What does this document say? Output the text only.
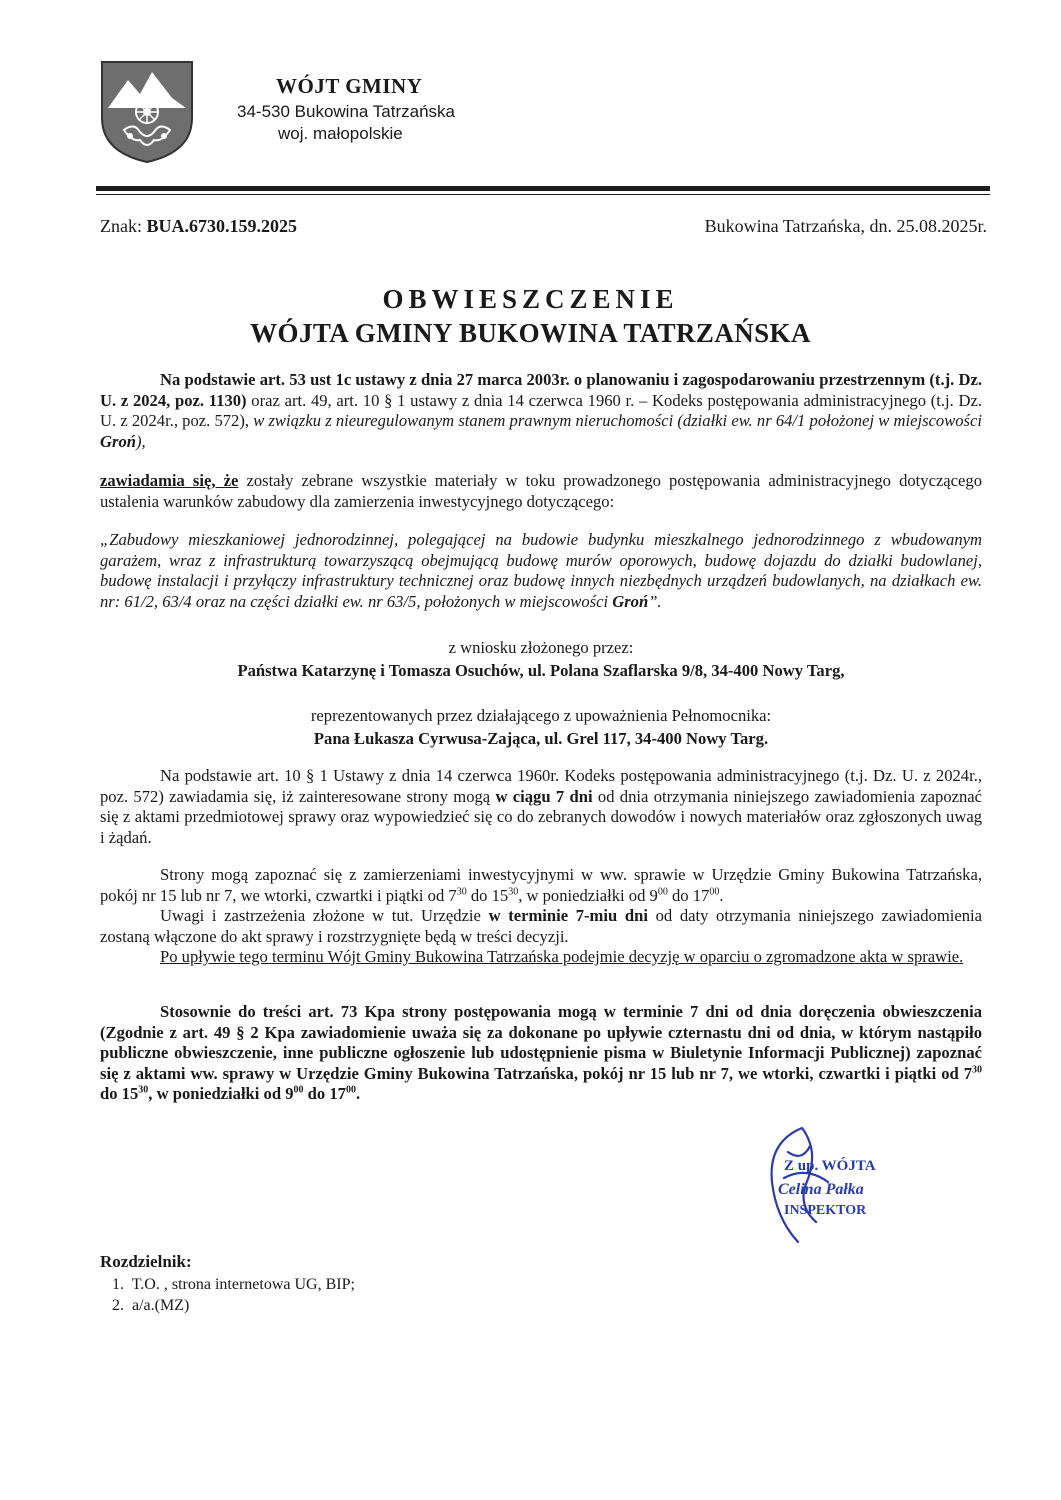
WÓJT GMINY
34-530 Bukowina Tatrzańska
woj. małopolskie
Znak: BUA.6730.159.2025	Bukowina Tatrzańska, dn. 25.08.2025r.
OBWIESZCZENIE
WÓJTA GMINY BUKOWINA TATRZAŃSKA

Na podstawie art. 53 ust 1c ustawy z dnia 27 marca 2003r. o planowaniu i zagospodarowaniu przestrzennym (t.j. Dz. U. z 2024, poz. 1130) oraz art. 49, art. 10 § 1 ustawy z dnia 14 czerwca 1960 r. – Kodeks postępowania administracyjnego (t.j. Dz. U. z 2024r., poz. 572), w związku z nieuregulowanym stanem prawnym nieruchomości (działki ew. nr 64/1 położonej w miejscowości Groń),

zawiadamia się, że zostały zebrane wszystkie materiały w toku prowadzonego postępowania administracyjnego dotyczącego ustalenia warunków zabudowy dla zamierzenia inwestycyjnego dotyczącego:

„Zabudowy mieszkaniowej jednorodzinnej, polegającej na budowie budynku mieszkalnego jednorodzinnego z wbudowanym garażem, wraz z infrastrukturą towarzyszącą obejmującą budowę murów oporowych, budowę dojazdu do działki budowlanej, budowę instalacji i przyłączy infrastruktury technicznej oraz budowę innych niezbędnych urządzeń budowlanych, na działkach ew. nr: 61/2, 63/4 oraz na części działki ew. nr 63/5, położonych w miejscowości Groń”.

z wniosku złożonego przez:

Państwa Katarzynę i Tomasza Osuchów, ul. Polana Szaflarska 9/8, 34-400 Nowy Targ,

reprezentowanych przez działającego z upoważnienia Pełnomocnika:

Pana Łukasza Cyrwusa-Zająca, ul. Grel 117, 34-400 Nowy Targ.

Na podstawie art. 10 § 1 Ustawy z dnia 14 czerwca 1960r. Kodeks postępowania administracyjnego (t.j. Dz. U. z 2024r., poz. 572) zawiadamia się, iż zainteresowane strony mogą w ciągu 7 dni od dnia otrzymania niniejszego zawiadomienia zapoznać się z aktami przedmiotowej sprawy oraz wypowiedzieć się co do zebranych dowodów i nowych materiałów oraz zgłoszonych uwag i żądań.

Strony mogą zapoznać się z zamierzeniami inwestycyjnymi w ww. sprawie w Urzędzie Gminy Bukowina Tatrzańska, pokój nr 15 lub nr 7, we wtorki, czwartki i piątki od $7^{30}$ do $15^{30}$, w poniedziałki od $9^{00}$ do $17^{00}$.

Uwagi i zastrzeżenia złożone w tut. Urzędzie w terminie 7-miu dni od daty otrzymania niniejszego zawiadomienia zostaną włączone do akt sprawy i rozstrzygnięte będą w treści decyzji.

Po upływie tego terminu Wójt Gminy Bukowina Tatrzańska podejmie decyzję w oparciu o zgromadzone akta w sprawie.

Stosownie do treści art. 73 Kpa strony postępowania mogą w terminie 7 dni od dnia doręczenia obwieszczenia (Zgodnie z art. 49 § 2 Kpa zawiadomienie uważa się za dokonane po upływie czternastu dni od dnia, w którym nastąpiło publiczne obwieszczenie, inne publiczne ogłoszenie lub udostępnienie pisma w Biuletynie Informacji Publicznej) zapoznać się z aktami ww. sprawy w Urzędzie Gminy Bukowina Tatrzańska, pokój nr 15 lub nr 7, we wtorki, czwartki i piątki od $7^{30}$ do $15^{30}$, w poniedziałki od $9^{00}$ do $17^{00}$.

Z up. WÓJTA
Celina Pałka
INSPEKTOR
Rozdzielnik:
1. T.O. , strona internetowa UG, BIP;
2. a/a.(MZ)
